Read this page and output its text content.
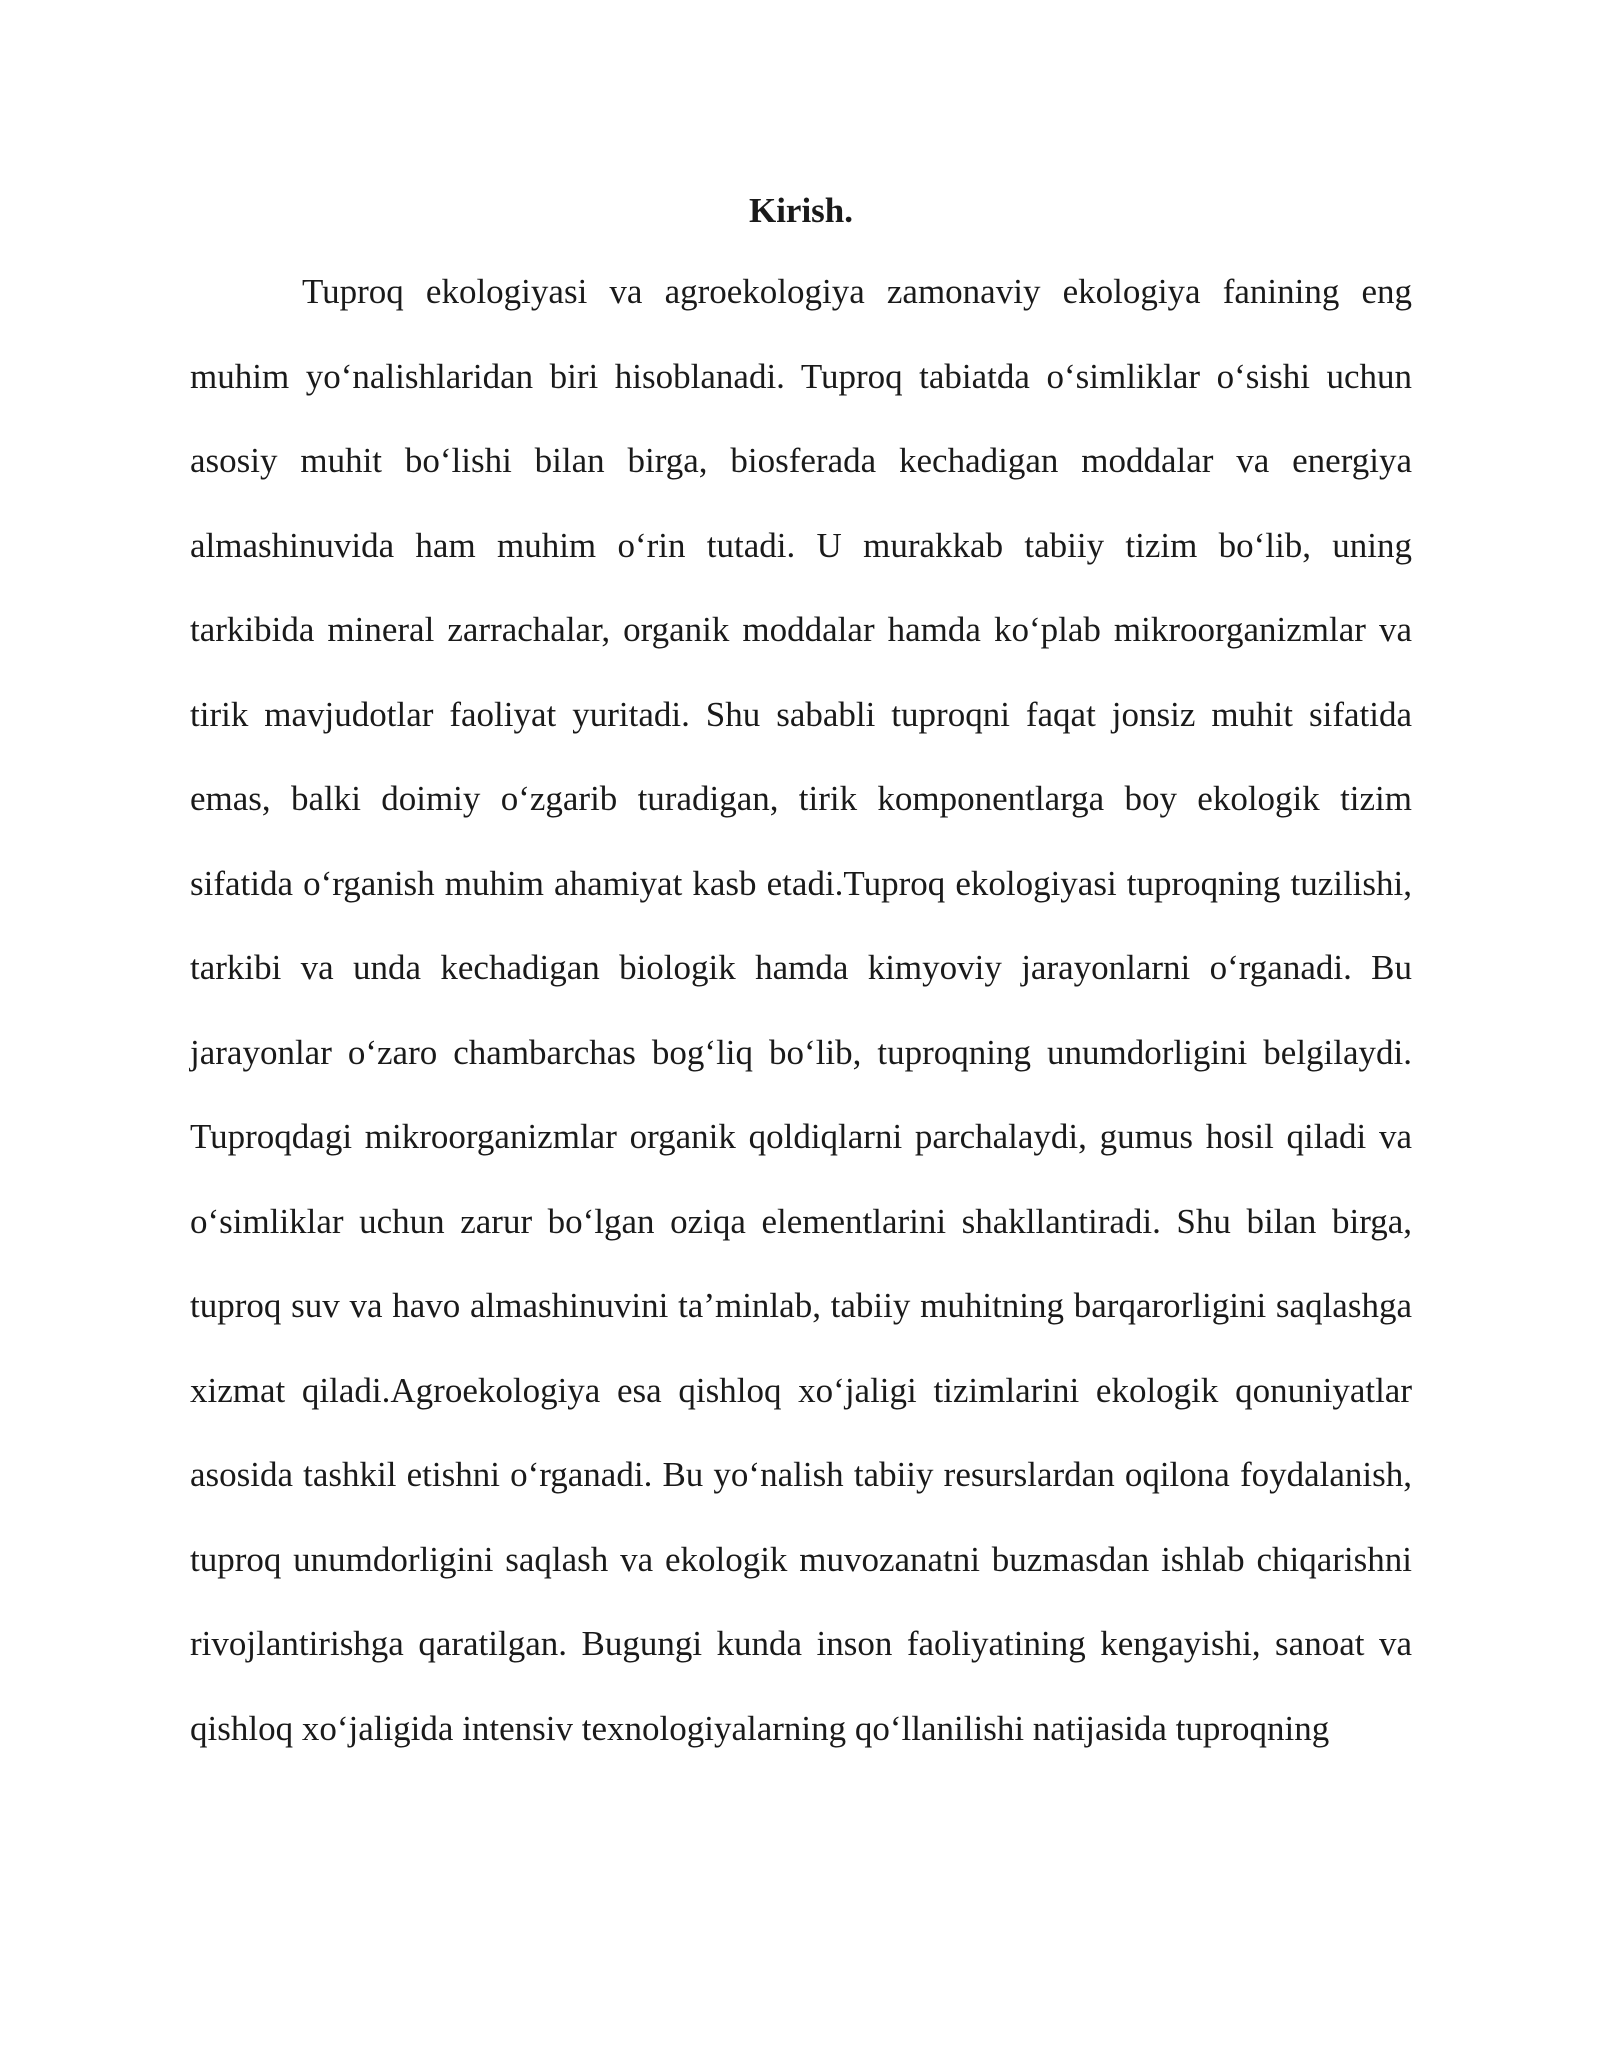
Kirish.

Tuproq ekologiyasi va agroekologiya zamonaviy ekologiya fanining eng muhim yo‘nalishlaridan biri hisoblanadi. Tuproq tabiatda o‘simliklar o‘sishi uchun asosiy muhit bo‘lishi bilan birga, biosferada kechadigan moddalar va energiya almashinuvida ham muhim o‘rin tutadi. U murakkab tabiiy tizim bo‘lib, uning tarkibida mineral zarrachalar, organik moddalar hamda ko‘plab mikroorganizmlar va tirik mavjudotlar faoliyat yuritadi. Shu sababli tuproqni faqat jonsiz muhit sifatida emas, balki doimiy o‘zgarib turadigan, tirik komponentlarga boy ekologik tizim sifatida o‘rganish muhim ahamiyat kasb etadi.Tuproq ekologiyasi tuproqning tuzilishi, tarkibi va unda kechadigan biologik hamda kimyoviy jarayonlarni o‘rganadi. Bu jarayonlar o‘zaro chambarchas bog‘liq bo‘lib, tuproqning unumdorligini belgilaydi. Tuproqdagi mikroorganizmlar organik qoldiqlarni parchalaydi, gumus hosil qiladi va o‘simliklar uchun zarur bo‘lgan oziqa elementlarini shakllantiradi. Shu bilan birga, tuproq suv va havo almashinuvini ta’minlab, tabiiy muhitning barqarorligini saqlashga xizmat qiladi.Agroekologiya esa qishloq xo‘jaligi tizimlarini ekologik qonuniyatlar asosida tashkil etishni o‘rganadi. Bu yo‘nalish tabiiy resurslardan oqilona foydalanish, tuproq unumdorligini saqlash va ekologik muvozanatni buzmasdan ishlab chiqarishni rivojlantirishga qaratilgan. Bugungi kunda inson faoliyatining kengayishi, sanoat va qishloq xo‘jaligida intensiv texnologiyalarning qo‘llanilishi natijasida tuproqning
